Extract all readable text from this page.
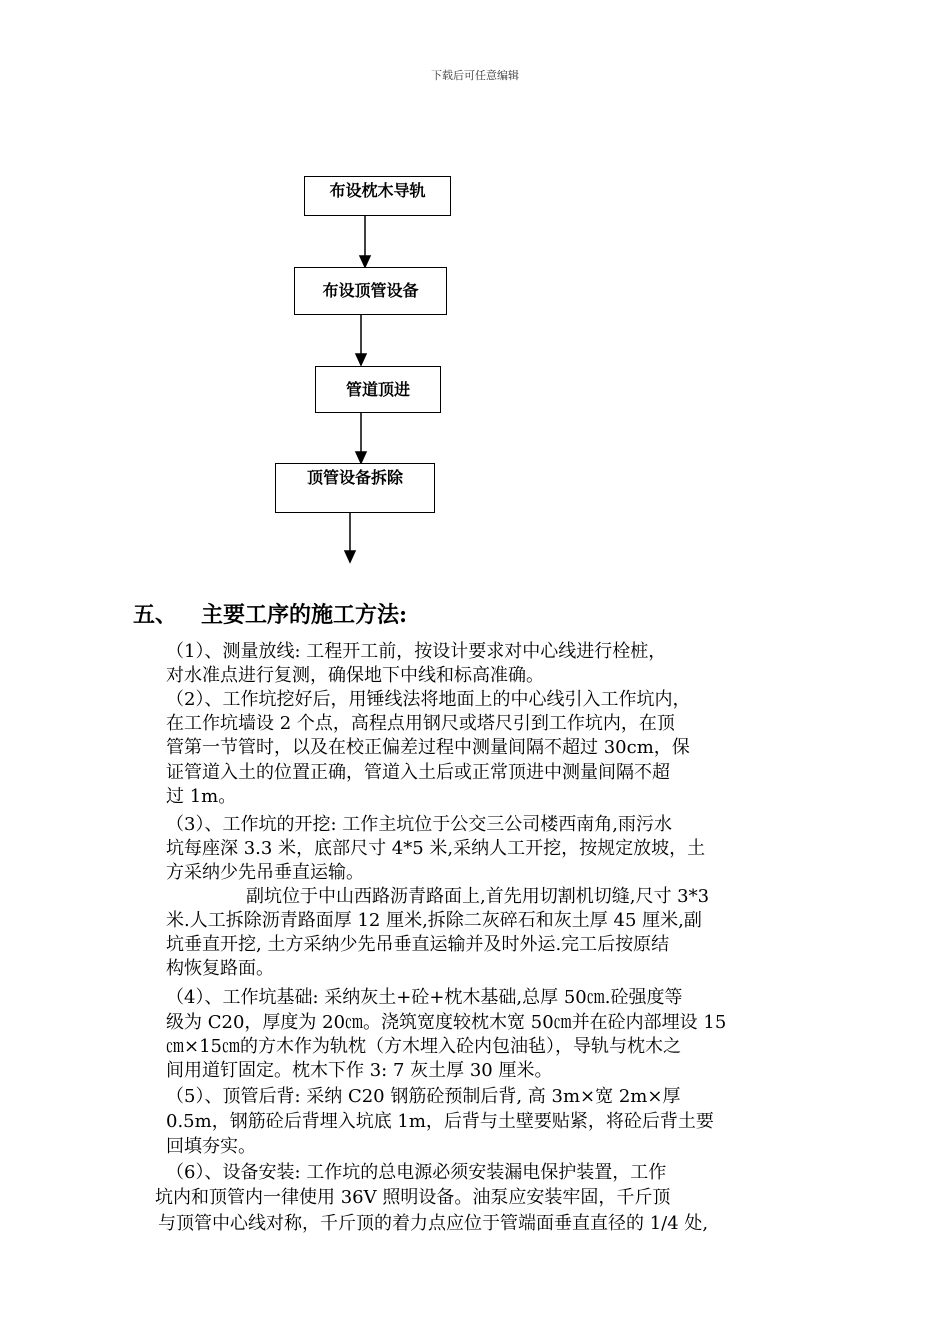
下载后可任意编辑
布设枕木导轨
布设顶管设备
管道顶进
顶管设备拆除
五、 主要工序的施工方法:
（1）、测量放线: 工程开工前，按设计要求对中心线进行栓桩，
对水准点进行复测，确保地下中线和标高准确。
（2）、工作坑挖好后，用锤线法将地面上的中心线引入工作坑内，
在工作坑墙设 2 个点，高程点用钢尺或塔尺引到工作坑内，在顶
管第一节管时，以及在校正偏差过程中测量间隔不超过 30cm，保
证管道入土的位置正确，管道入土后或正常顶进中测量间隔不超
过 1m。
（3）、工作坑的开挖: 工作主坑位于公交三公司楼西南角,雨污水
坑每座深 3.3 米，底部尺寸 4*5 米,采纳人工开挖，按规定放坡，土
方采纳少先吊垂直运输。
副坑位于中山西路沥青路面上,首先用切割机切缝,尺寸 3*3
米.人工拆除沥青路面厚 12 厘米,拆除二灰碎石和灰土厚 45 厘米,副
坑垂直开挖, 土方采纳少先吊垂直运输并及时外运.完工后按原结
构恢复路面。
（4）、工作坑基础: 采纳灰土+砼+枕木基础,总厚 50㎝.砼强度等
级为 C20，厚度为 20㎝。浇筑宽度较枕木宽 50㎝并在砼内部埋设 15
㎝×15㎝的方木作为轨枕（方木埋入砼内包油毡），导轨与枕木之
间用道钉固定。枕木下作 3: 7 灰土厚 30 厘米。
（5）、顶管后背: 采纳 C20 钢筋砼预制后背, 高 3m×宽 2m×厚
0.5m，钢筋砼后背埋入坑底 1m，后背与土壁要贴紧，将砼后背土要
回填夯实。
（6）、设备安装: 工作坑的总电源必须安装漏电保护装置，工作
坑内和顶管内一律使用 36V 照明设备。油泵应安装牢固，千斤顶
与顶管中心线对称，千斤顶的着力点应位于管端面垂直直径的 1/4 处,
